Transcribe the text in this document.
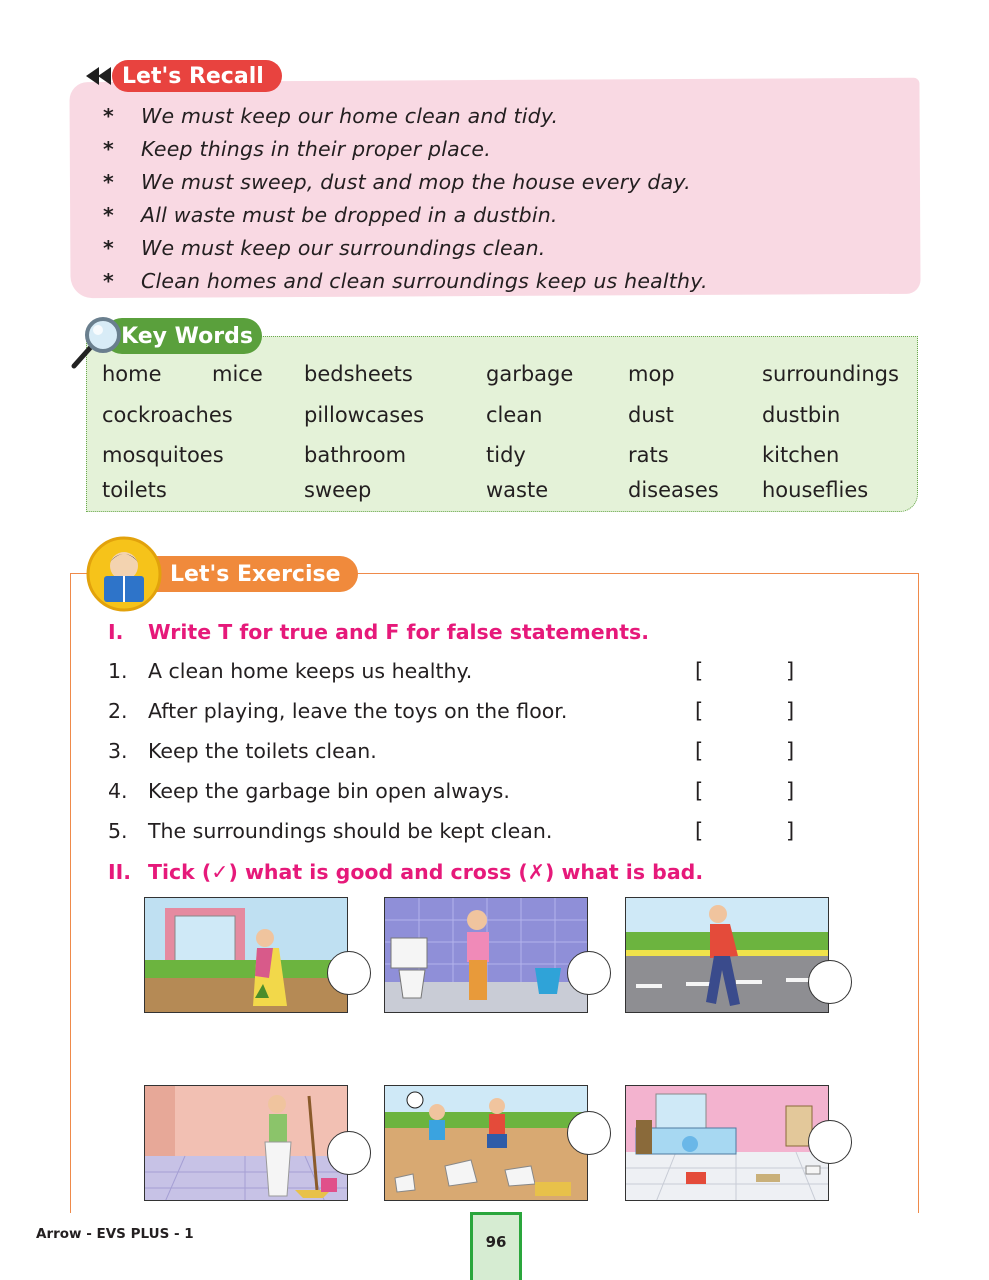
Let's Recall
* We must keep our home clean and tidy.
* Keep things in their proper place.
* We must sweep, dust and mop the house every day.
* All waste must be dropped in a dustbin.
* We must keep our surroundings clean.
* Clean homes and clean surroundings keep us healthy.
Key Words
home mice bedsheets	garbage	mop	surroundings
cockroaches	pillowcases	clean	dust	dustbin
mosquitoes	bathroom	tidy	rats	kitchen
toilets	sweep	waste	diseases houseflies
Let's Exercise
I. Write T for true and F for false statements.
1. A clean home keeps us healthy.	[	]
2. After playing, leave the toys on the floor.	[	]
3. Keep the toilets clean.	[	]
4. Keep the garbage bin open always.	[	]
5. The surroundings should be kept clean.	[	]
II. Tick (✓) what is good and cross (✗) what is bad.
Arrow - EVS PLUS - 1	96
